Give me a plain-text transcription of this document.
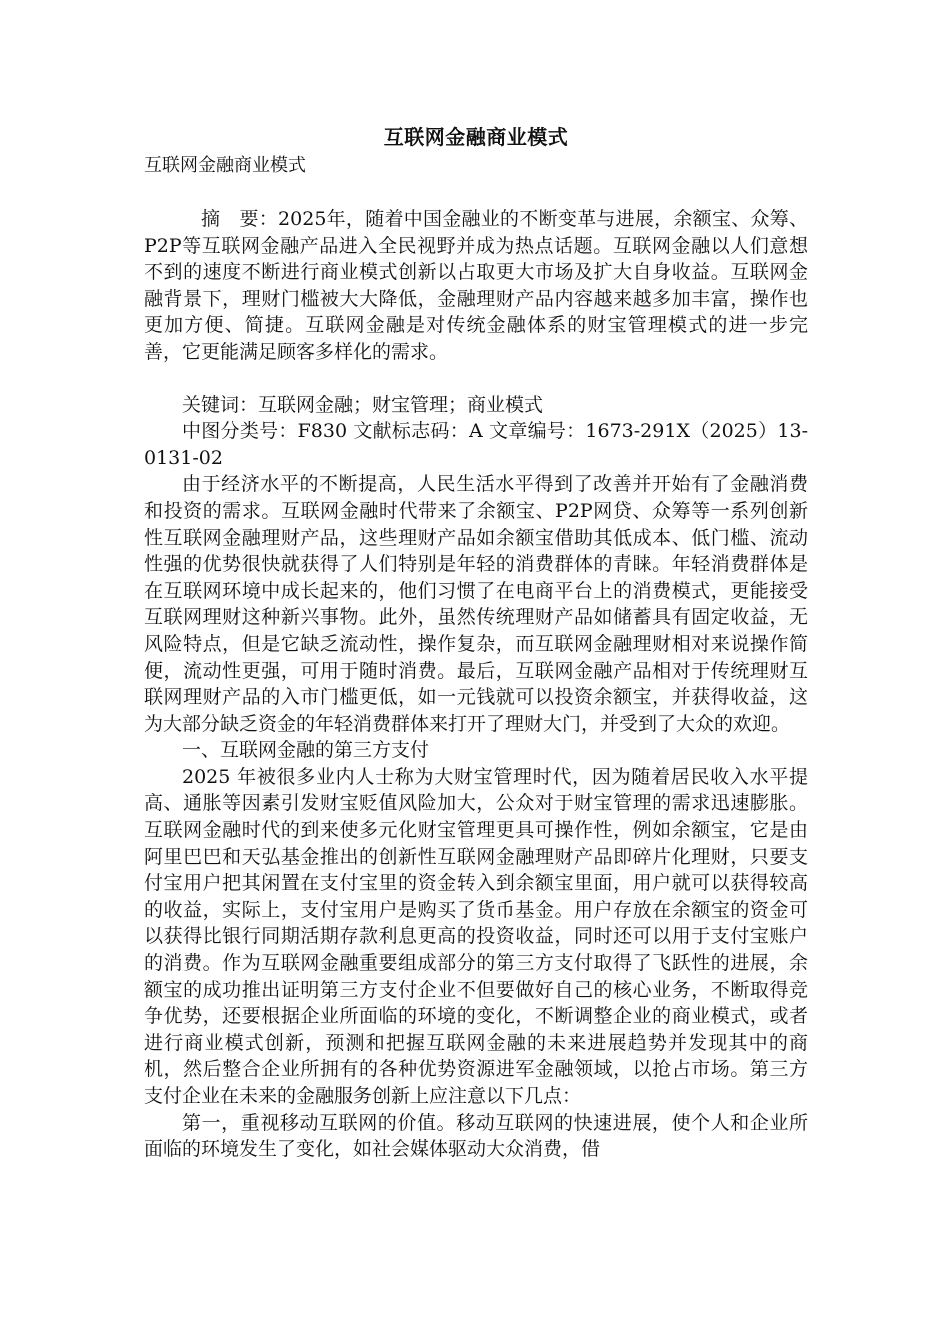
互联网金融商业模式
互联网金融商业模式

摘　要：2025年，随着中国金融业的不断变革与进展，余额宝、众筹、P2P等互联网金融产品进入全民视野并成为热点话题。互联网金融以人们意想不到的速度不断进行商业模式创新以占取更大市场及扩大自身收益。互联网金融背景下，理财门槛被大大降低，金融理财产品内容越来越多加丰富，操作也更加方便、简捷。互联网金融是对传统金融体系的财宝管理模式的进一步完善，它更能满足顾客多样化的需求。

关键词：互联网金融；财宝管理；商业模式

中图分类号：F830 文献标志码：A 文章编号：1673-291X（2025）13-0131-02

由于经济水平的不断提高，人民生活水平得到了改善并开始有了金融消费和投资的需求。互联网金融时代带来了余额宝、P2P网贷、众筹等一系列创新性互联网金融理财产品，这些理财产品如余额宝借助其低成本、低门槛、流动性强的优势很快就获得了人们特别是年轻的消费群体的青睐。年轻消费群体是在互联网环境中成长起来的，他们习惯了在电商平台上的消费模式，更能接受互联网理财这种新兴事物。此外，虽然传统理财产品如储蓄具有固定收益，无风险特点，但是它缺乏流动性，操作复杂，而互联网金融理财相对来说操作简便，流动性更强，可用于随时消费。最后，互联网金融产品相对于传统理财互联网理财产品的入市门槛更低，如一元钱就可以投资余额宝，并获得收益，这为大部分缺乏资金的年轻消费群体来打开了理财大门，并受到了大众的欢迎。

一、互联网金融的第三方支付

2025 年被很多业内人士称为大财宝管理时代，因为随着居民收入水平提高、通胀等因素引发财宝贬值风险加大，公众对于财宝管理的需求迅速膨胀。互联网金融时代的到来使多元化财宝管理更具可操作性，例如余额宝，它是由阿里巴巴和天弘基金推出的创新性互联网金融理财产品即碎片化理财，只要支付宝用户把其闲置在支付宝里的资金转入到余额宝里面，用户就可以获得较高的收益，实际上，支付宝用户是购买了货币基金。用户存放在余额宝的资金可以获得比银行同期活期存款利息更高的投资收益，同时还可以用于支付宝账户的消费。作为互联网金融重要组成部分的第三方支付取得了飞跃性的进展，余额宝的成功推出证明第三方支付企业不但要做好自己的核心业务，不断取得竞争优势，还要根据企业所面临的环境的变化，不断调整企业的商业模式，或者进行商业模式创新，预测和把握互联网金融的未来进展趋势并发现其中的商机，然后整合企业所拥有的各种优势资源进军金融领域，以抢占市场。第三方支付企业在未来的金融服务创新上应注意以下几点：

第一，重视移动互联网的价值。移动互联网的快速进展，使个人和企业所面临的环境发生了变化，如社会媒体驱动大众消费，借
